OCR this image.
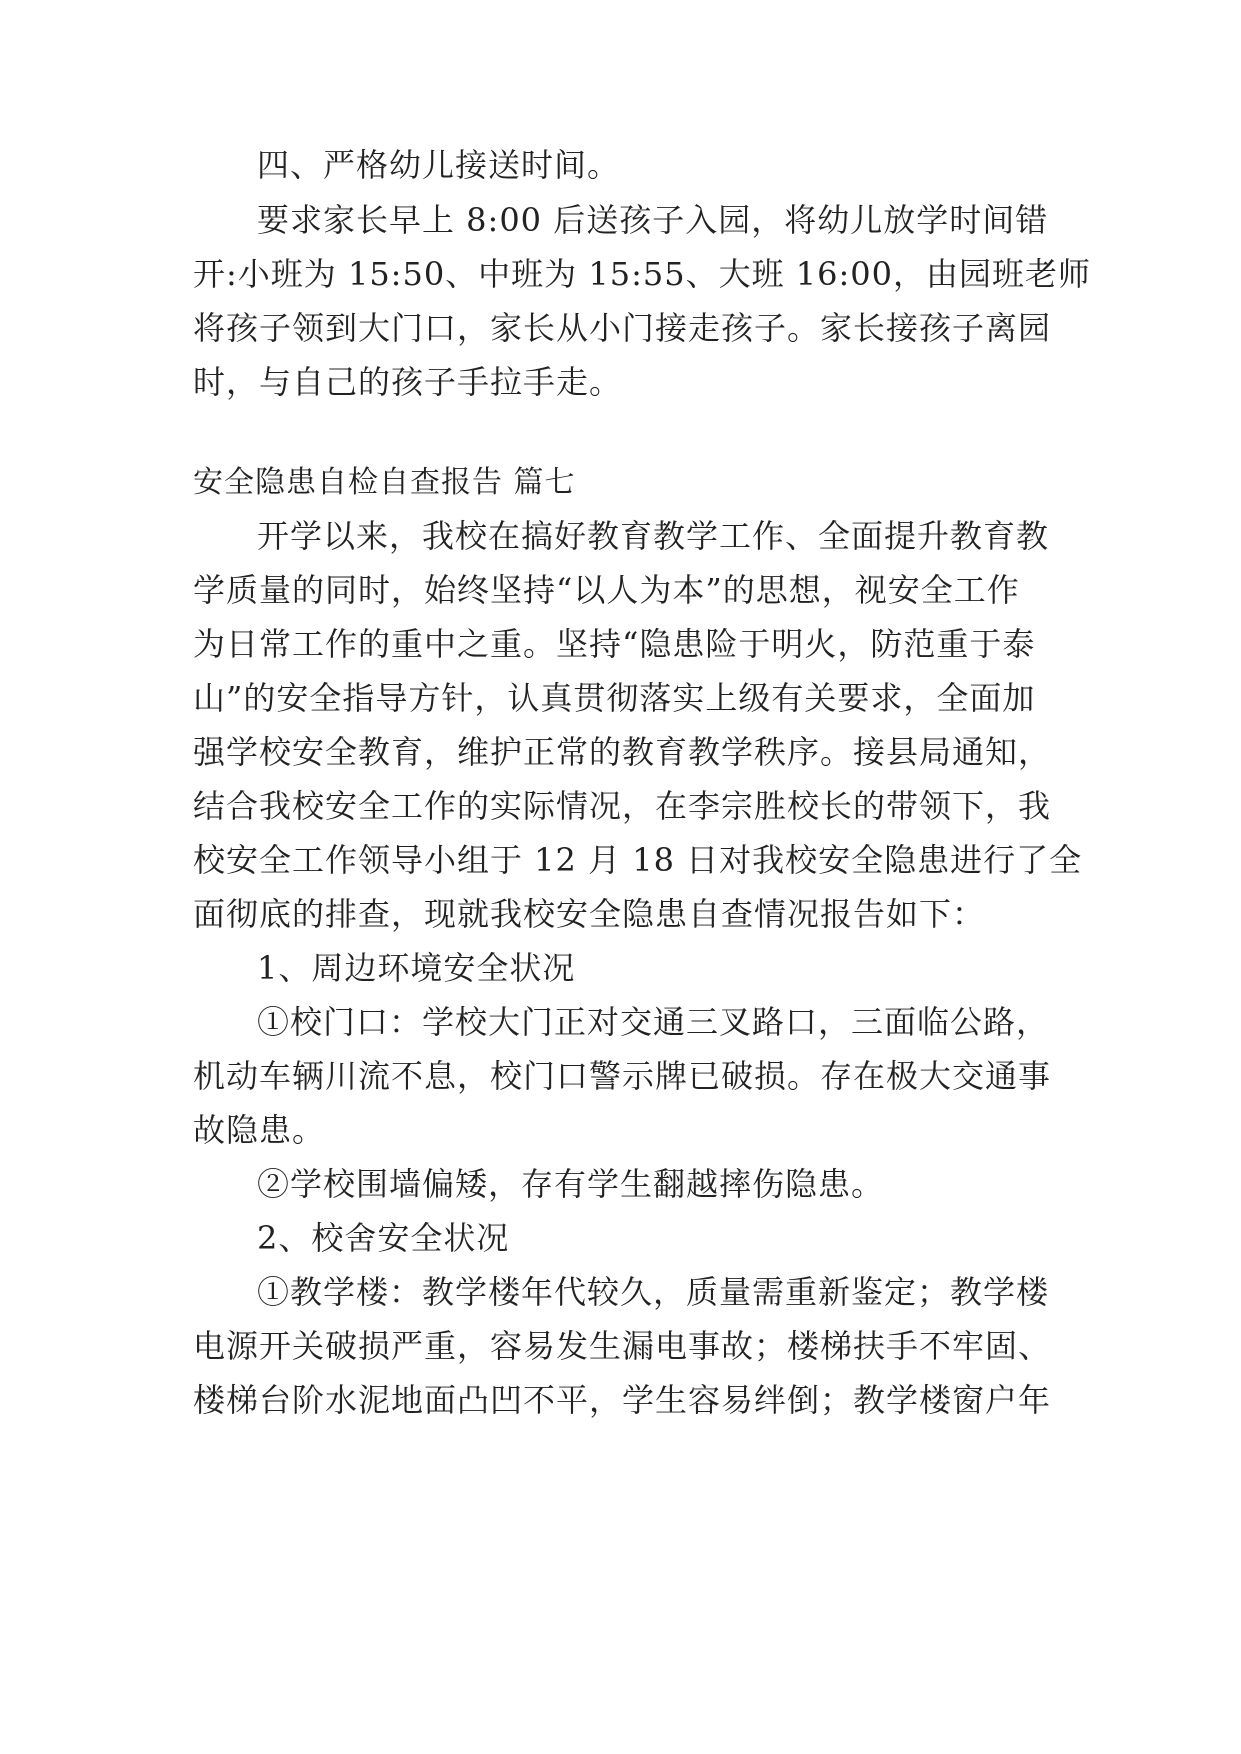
四、严格幼儿接送时间。
要求家长早上 8:00 后送孩子入园，将幼儿放学时间错
开:小班为 15:50、中班为 15:55、大班 16:00，由园班老师
将孩子领到大门口，家长从小门接走孩子。家长接孩子离园
时，与自己的孩子手拉手走。
安全隐患自检自查报告 篇七
开学以来，我校在搞好教育教学工作、全面提升教育教
学质量的同时，始终坚持“以人为本”的思想，视安全工作
为日常工作的重中之重。坚持“隐患险于明火，防范重于泰
山”的安全指导方针，认真贯彻落实上级有关要求，全面加
强学校安全教育，维护正常的教育教学秩序。接县局通知，
结合我校安全工作的实际情况，在李宗胜校长的带领下，我
校安全工作领导小组于 12 月 18 日对我校安全隐患进行了全
面彻底的排查，现就我校安全隐患自查情况报告如下：
1、周边环境安全状况
①校门口：学校大门正对交通三叉路口，三面临公路，
机动车辆川流不息，校门口警示牌已破损。存在极大交通事
故隐患。
②学校围墙偏矮，存有学生翻越摔伤隐患。
2、校舍安全状况
①教学楼：教学楼年代较久，质量需重新鉴定；教学楼
电源开关破损严重，容易发生漏电事故；楼梯扶手不牢固、
楼梯台阶水泥地面凸凹不平，学生容易绊倒；教学楼窗户年
